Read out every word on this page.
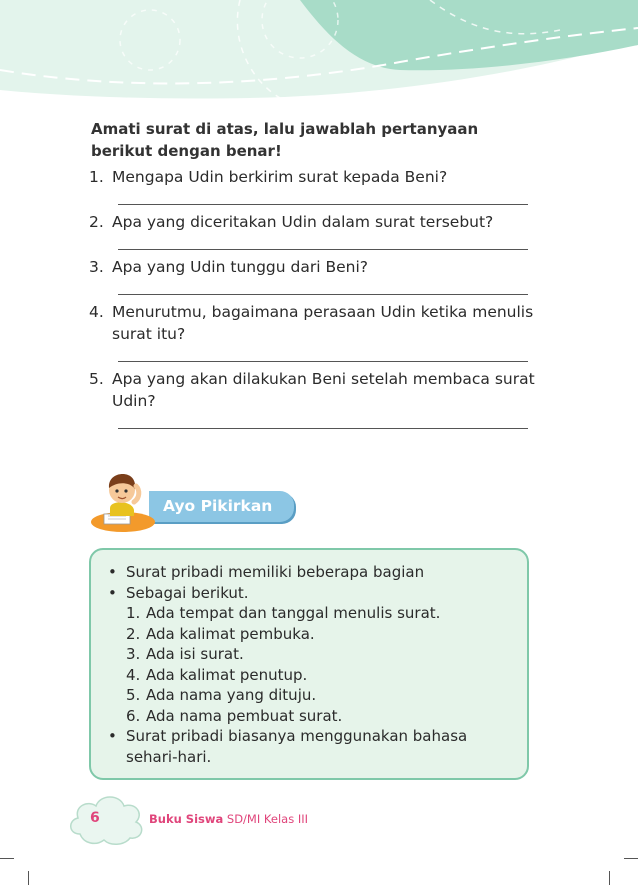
Amati surat di atas, lalu jawablah pertanyaan berikut dengan benar!

1. Mengapa Udin berkirim surat kepada Beni?
2. Apa yang diceritakan Udin dalam surat tersebut?
3. Apa yang Udin tunggu dari Beni?
4. Menurutmu, bagaimana perasaan Udin ketika menulis surat itu?
5. Apa yang akan dilakukan Beni setelah membaca surat Udin?
Ayo Pikirkan
• Surat pribadi memiliki beberapa bagian
• Sebagai berikut.
1. Ada tempat dan tanggal menulis surat.
2. Ada kalimat pembuka.
3. Ada isi surat.
4. Ada kalimat penutup.
5. Ada nama yang dituju.
6. Ada nama pembuat surat.
• Surat pribadi biasanya menggunakan bahasa sehari-hari.
6	Buku Siswa SD/MI Kelas III
